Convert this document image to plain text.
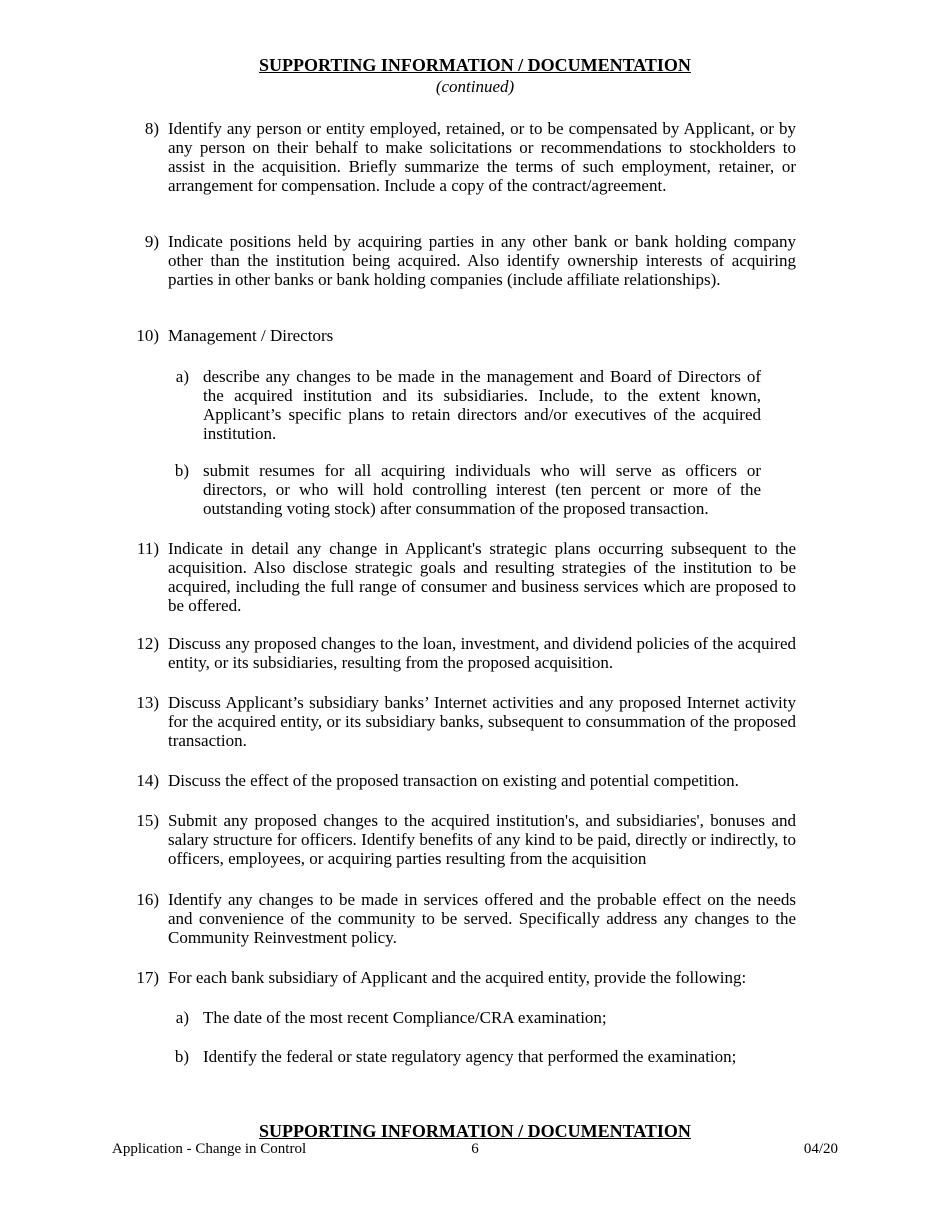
SUPPORTING INFORMATION / DOCUMENTATION
(continued)
8) Identify any person or entity employed, retained, or to be compensated by Applicant, or by any person on their behalf to make solicitations or recommendations to stockholders to assist in the acquisition. Briefly summarize the terms of such employment, retainer, or arrangement for compensation. Include a copy of the contract/agreement.
9) Indicate positions held by acquiring parties in any other bank or bank holding company other than the institution being acquired. Also identify ownership interests of acquiring parties in other banks or bank holding companies (include affiliate relationships).
10) Management / Directors
a) describe any changes to be made in the management and Board of Directors of the acquired institution and its subsidiaries. Include, to the extent known, Applicant’s specific plans to retain directors and/or executives of the acquired institution.
b) submit resumes for all acquiring individuals who will serve as officers or directors, or who will hold controlling interest (ten percent or more of the outstanding voting stock) after consummation of the proposed transaction.
11) Indicate in detail any change in Applicant's strategic plans occurring subsequent to the acquisition. Also disclose strategic goals and resulting strategies of the institution to be acquired, including the full range of consumer and business services which are proposed to be offered.
12) Discuss any proposed changes to the loan, investment, and dividend policies of the acquired entity, or its subsidiaries, resulting from the proposed acquisition.
13) Discuss Applicant’s subsidiary banks’ Internet activities and any proposed Internet activity for the acquired entity, or its subsidiary banks, subsequent to consummation of the proposed transaction.
14) Discuss the effect of the proposed transaction on existing and potential competition.
15) Submit any proposed changes to the acquired institution's, and subsidiaries', bonuses and salary structure for officers. Identify benefits of any kind to be paid, directly or indirectly, to officers, employees, or acquiring parties resulting from the acquisition
16) Identify any changes to be made in services offered and the probable effect on the needs and convenience of the community to be served. Specifically address any changes to the Community Reinvestment policy.
17) For each bank subsidiary of Applicant and the acquired entity, provide the following:
a) The date of the most recent Compliance/CRA examination;
b) Identify the federal or state regulatory agency that performed the examination;
SUPPORTING INFORMATION / DOCUMENTATION
Application - Change in Control	6	04/20
